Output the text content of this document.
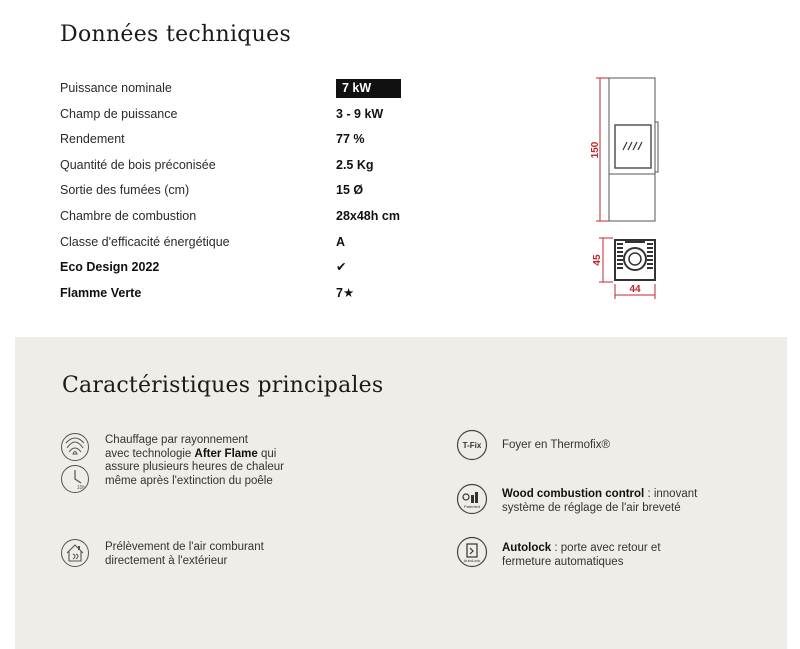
Données techniques
Puissance nominale	7 kW
Champ de puissance	3 - 9 kW
Rendement	77 %
Quantité de bois préconisée	2.5 Kg
Sortie des fumées (cm)	15 Ø
Chambre de combustion	28x48h cm
Classe d'efficacité énergétique	A
Eco Design 2022	✔
Flamme Verte	7★
150
45
44
Caractéristiques principales
10h
Chauffage par rayonnement
avec technologie After Flame qui
assure plusieurs heures de chaleur
même après l'extinction du poêle
Prélèvement de l'air comburant
directement à l'extérieur
T-Fix Foyer en Thermofix®
Patented
Wood combustion control : innovant
système de réglage de l'air breveté
AutoLock
Autolock : porte avec retour et
fermeture automatiques
